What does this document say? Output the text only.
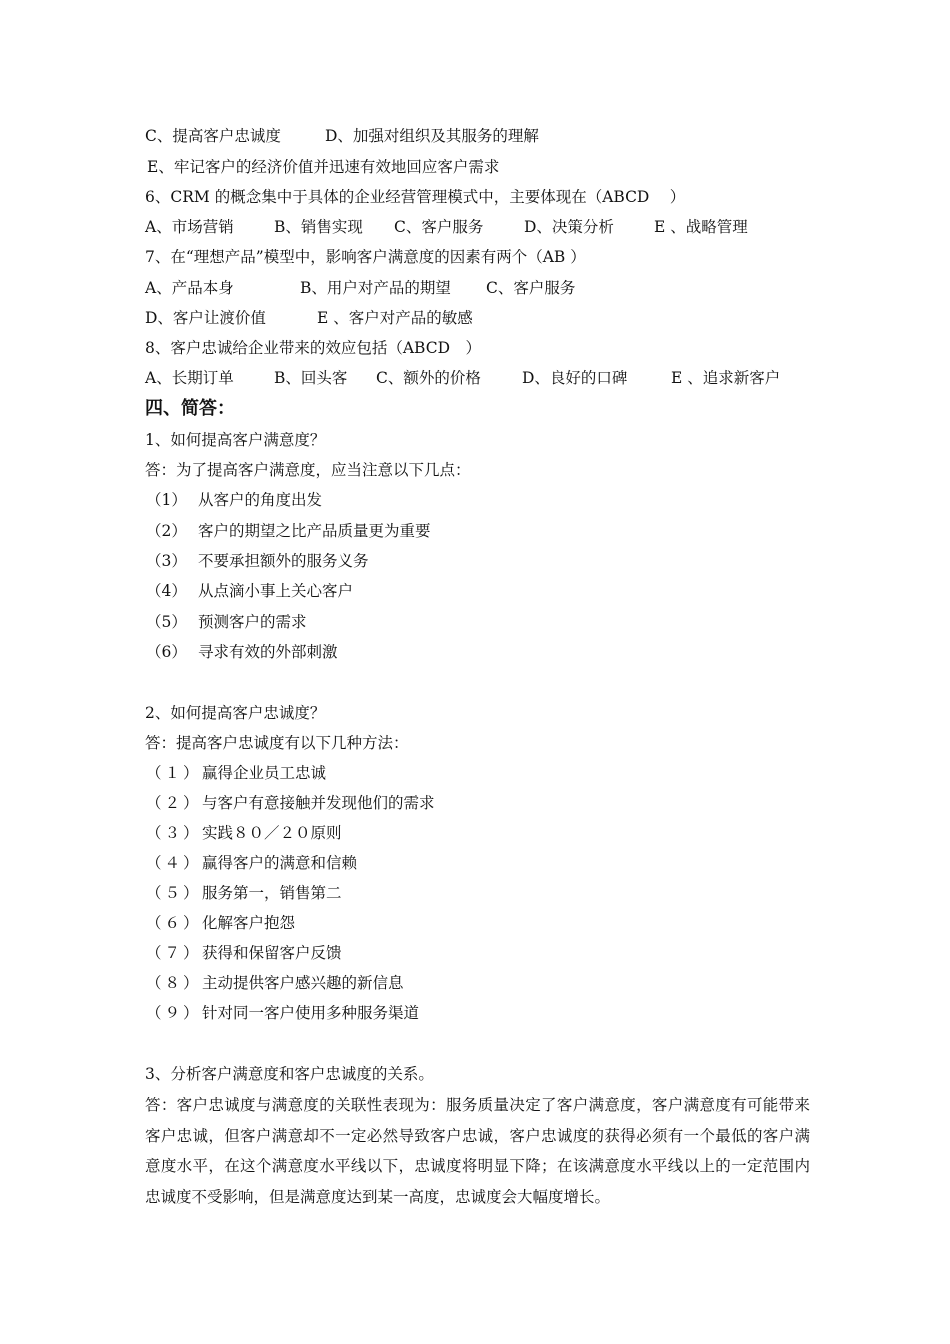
C、提高客户忠诚度	D、加强对组织及其服务的理解
E、牢记客户的经济价值并迅速有效地回应客户需求
6、CRM 的概念集中于具体的企业经营管理模式中，主要体现在（ABCD　 ）
A、市场营销	B、销售实现 C、客户服务	D、决策分析	E 、战略管理
7、在“理想产品”模型中，影响客户满意度的因素有两个（AB ）
A、产品本身	B、用户对产品的期望 C、客户服务
D、客户让渡价值	E 、客户对产品的敏感
8、客户忠诚给企业带来的效应包括（ABCD　）
A、长期订单	B、回头客 C、额外的价格	D、良好的口碑	E 、追求新客户
四、简答：
1、如何提高客户满意度？
答：为了提高客户满意度，应当注意以下几点：
（1） 从客户的角度出发
（2） 客户的期望之比产品质量更为重要
（3） 不要承担额外的服务义务
（4） 从点滴小事上关心客户
（5） 预测客户的需求
（6） 寻求有效的外部刺激
2、如何提高客户忠诚度？
答：提高客户忠诚度有以下几种方法：
（１）赢得企业员工忠诚
（２）与客户有意接触并发现他们的需求
（３）实践８０／２０原则
（４）赢得客户的满意和信赖
（５）服务第一，销售第二
（６）化解客户抱怨
（７）获得和保留客户反馈
（８）主动提供客户感兴趣的新信息
（９）针对同一客户使用多种服务渠道
3、分析客户满意度和客户忠诚度的关系。
答：客户忠诚度与满意度的关联性表现为：服务质量决定了客户满意度，客户满意度有可能带来客户忠诚，但客户满意却不一定必然导致客户忠诚，客户忠诚度的获得必须有一个最低的客户满意度水平，在这个满意度水平线以下，忠诚度将明显下降；在该满意度水平线以上的一定范围内忠诚度不受影响，但是满意度达到某一高度，忠诚度会大幅度增长。
